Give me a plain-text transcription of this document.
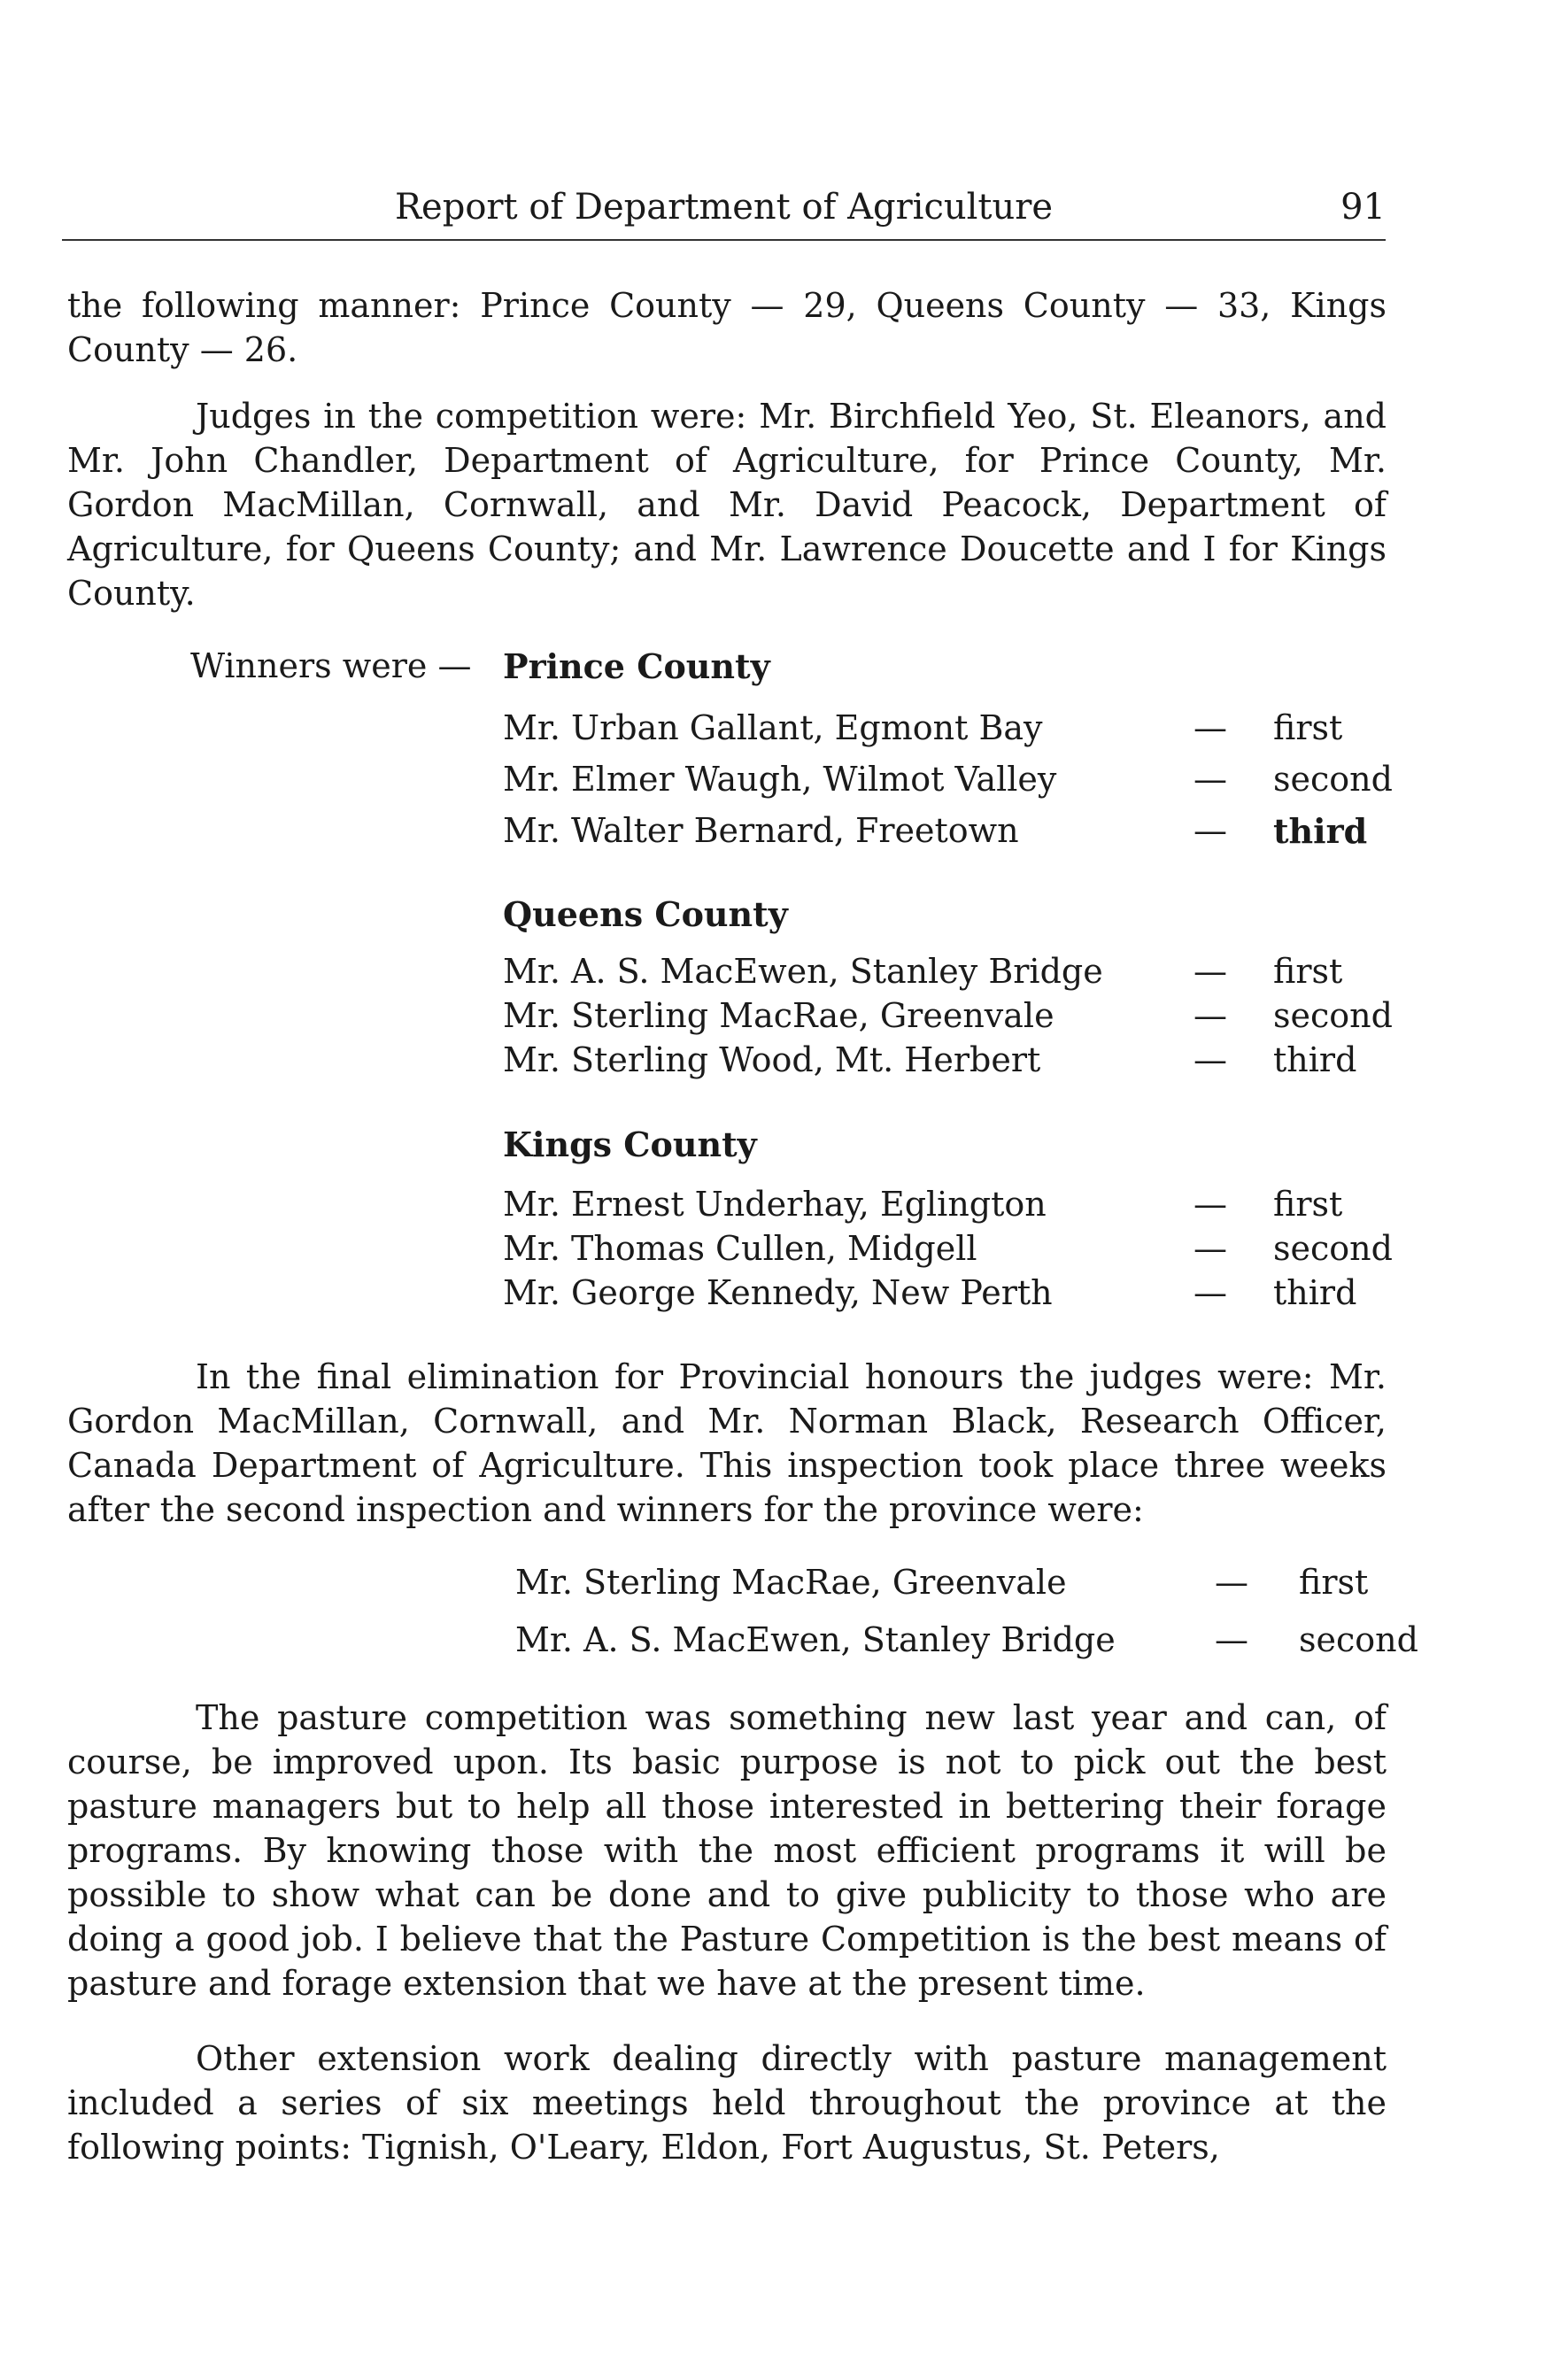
Report of Department of Agriculture	91

the following manner: Prince County — 29, Queens County — 33, Kings County — 26.

Judges in the competition were: Mr. Birchfield Yeo, St. Eleanors, and Mr. John Chandler, Department of Agriculture, for Prince County, Mr. Gordon MacMillan, Cornwall, and Mr. David Peacock, Department of Agriculture, for Queens County; and Mr. Lawrence Doucette and I for Kings County.

Winners were — Prince County
Mr. Urban Gallant, Egmont Bay	— first
Mr. Elmer Waugh, Wilmot Valley	— second
Mr. Walter Bernard, Freetown	— third
Queens County
Mr. A. S. MacEwen, Stanley Bridge	— first
Mr. Sterling MacRae, Greenvale	— second
Mr. Sterling Wood, Mt. Herbert	— third
Kings County
Mr. Ernest Underhay, Eglington	— first
Mr. Thomas Cullen, Midgell	— second
Mr. George Kennedy, New Perth	— third

In the final elimination for Provincial honours the judges were: Mr. Gordon MacMillan, Cornwall, and Mr. Norman Black, Research Officer, Canada Department of Agriculture. This inspection took place three weeks after the second inspection and winners for the province were:

Mr. Sterling MacRae, Greenvale	— first
Mr. A. S. MacEwen, Stanley Bridge	— second

The pasture competition was something new last year and can, of course, be improved upon. Its basic purpose is not to pick out the best pasture managers but to help all those interested in bettering their forage programs. By knowing those with the most efficient programs it will be possible to show what can be done and to give publicity to those who are doing a good job. I believe that the Pasture Competition is the best means of pasture and forage extension that we have at the present time.

Other extension work dealing directly with pasture management included a series of six meetings held throughout the province at the following points: Tignish, O'Leary, Eldon, Fort Augustus, St. Peters,
